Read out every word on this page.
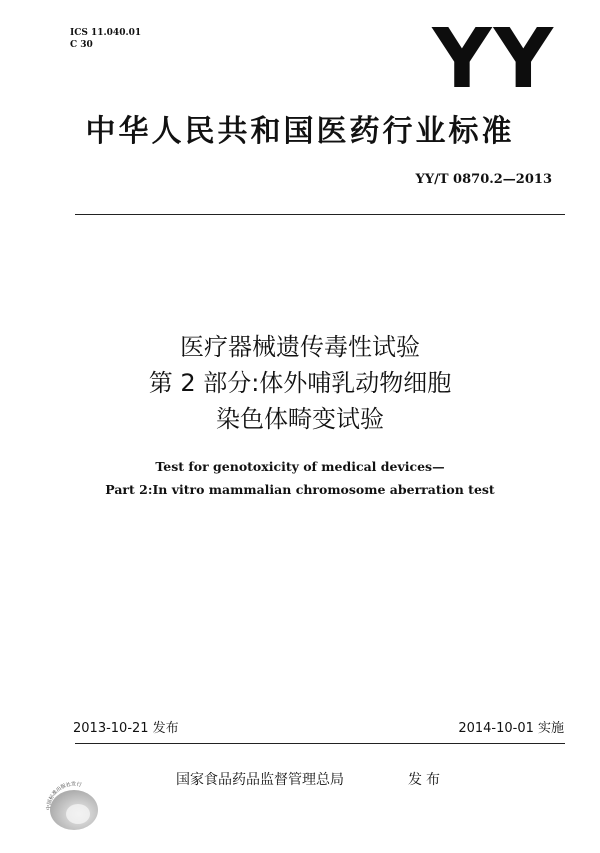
ICS 11.040.01
C 30	YY
中华人民共和国医药行业标准
YY/T 0870.2—2013
医疗器械遗传毒性试验
第 2 部分:体外哺乳动物细胞
染色体畸变试验
Test for genotoxicity of medical devices—
Part 2:In vitro mammalian chromosome aberration test
2013-10-21 发布	2014-10-01 实施
中国标准出版社发行	国家食品药品监督管理总局	发布
